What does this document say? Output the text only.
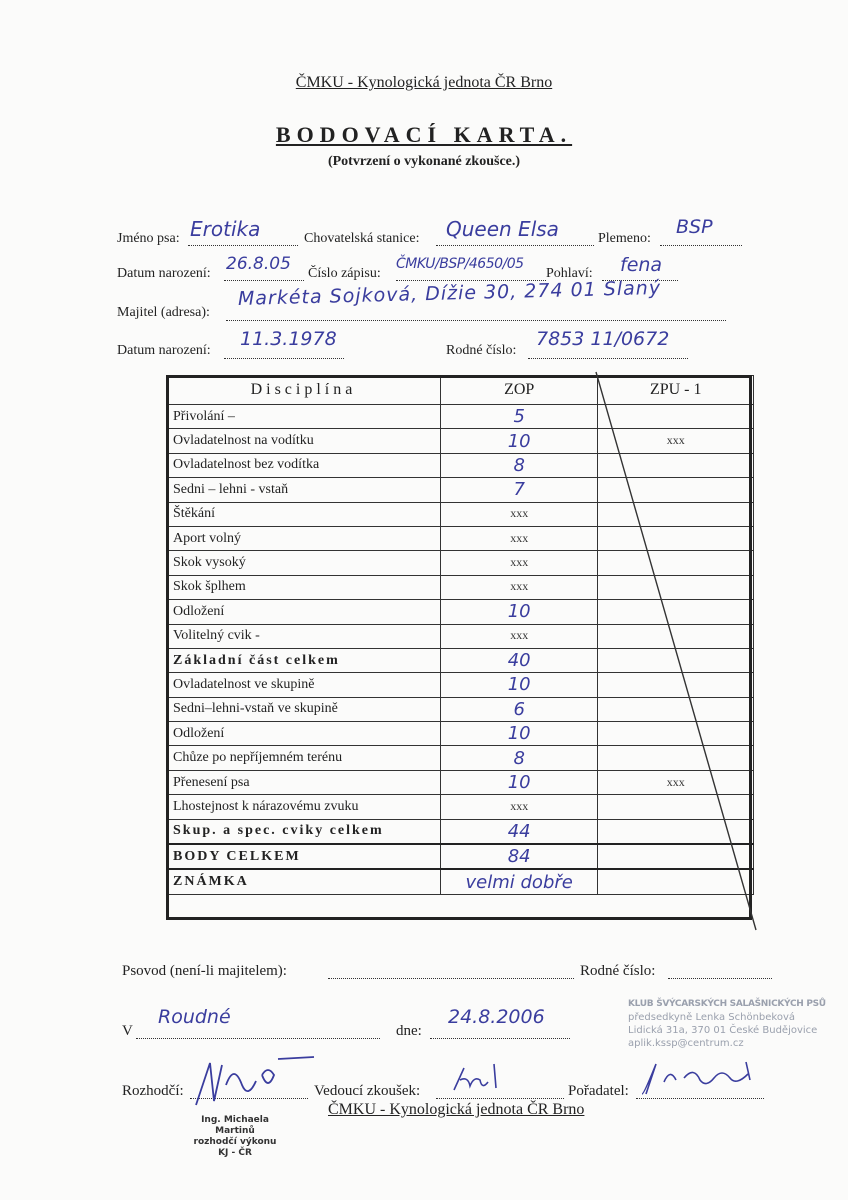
ČMKU - Kynologická jednota ČR Brno
BODOVACÍ KARTA.
(Potvrzení o vykonané zkoušce.)
Jméno psa: Erotika	Chovatelská stanice: Queen Elsa	Plemeno:
BSP
Datum narození: 26.8.05 Číslo zápisu:
ČMKU/BSP/4650/05
Pohlaví: fena
Majitel (adresa):
Markéta Sojková, Dížie 30, 274 01 Slaný
Datum narození:
11.3.1978
Rodné číslo:
7853 11/0672
Disciplína	ZOP	ZPU - 1
Přivolání –	5	
Ovladatelnost na vodítku	10	xxx
Ovladatelnost bez vodítka	8	
Sedni – lehni - vstaň	7	
Štěkání	xxx	
Aport volný	xxx	
Skok vysoký	xxx	
Skok šplhem	xxx	
Odložení	10	
Volitelný cvik -	xxx	
Základní část celkem	40	
Ovladatelnost ve skupině	10	
Sedni–lehni-vstaň ve skupině	6	
Odložení	10	
Chůze po nepříjemném terénu	8	
Přenesení psa	10	xxx
Lhostejnost k nárazovému zvuku	xxx	
Skup. a spec. cviky celkem	44	
BODY CELKEM	84	
ZNÁMKA	velmi dobře	
Psovod (není-li majitelem):	Rodné číslo:
V
Roudné
dne:
24.8.2006
KLUB ŠVÝCARSKÝCH SALAŠNICKÝCH PSŮ
předsedkyně Lenka Schönbeková
Lidická 31a, 370 01 České Budějovice
aplik.kssp@centrum.cz
Rozhodčí:	Vedoucí zkoušek:	Pořadatel:
Ing. Michaela Martinů
rozhodčí výkonu
KJ - ČR
ČMKU - Kynologická jednota ČR Brno
